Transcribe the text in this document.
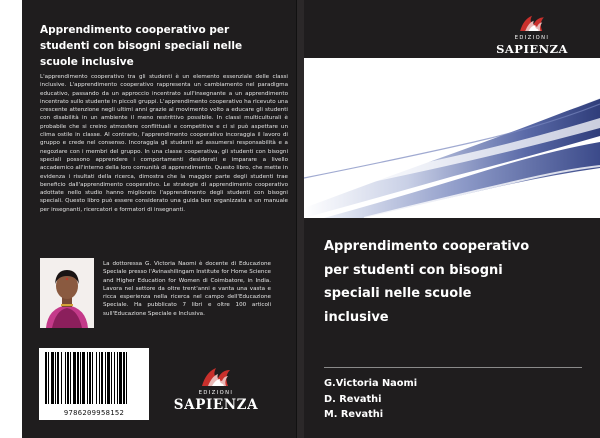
Apprendimento cooperativo per studenti con bisogni speciali nelle scuole inclusive
L'apprendimento cooperativo tra gli studenti è un elemento essenziale delle classi inclusive. L'apprendimento cooperativo rappresenta un cambiamento nel paradigma educativo, passando da un approccio incentrato sull'insegnante a un apprendimento incentrato sullo studente in piccoli gruppi. L'apprendimento cooperativo ha ricevuto una crescente attenzione negli ultimi anni grazie al movimento volto a educare gli studenti con disabilità in un ambiente il meno restrittivo possibile. In classi multiculturali è probabile che si creino atmosfere conflittuali e competitive e ci si può aspettare un clima ostile in classe. Al contrario, l'apprendimento cooperativo incoraggia il lavoro di gruppo e crede nel consenso. Incoraggia gli studenti ad assumersi responsabilità e a negoziare con i membri del gruppo. In una classe cooperativa, gli studenti con bisogni speciali possono apprendere i comportamenti desiderati e imparare a livello accademico all'interno della loro comunità di apprendimento. Questo libro, che mette in evidenza i risultati della ricerca, dimostra che la maggior parte degli studenti trae beneficio dall'apprendimento cooperativo. Le strategie di apprendimento cooperativo adottate nello studio hanno migliorato l'apprendimento degli studenti con bisogni speciali. Questo libro può essere considerato una guida ben organizzata e un manuale per insegnanti, ricercatori e formatori di insegnanti.
La dottoressa G. Victoria Naomi è docente di Educazione Speciale presso l'Avinashilingam Institute for Home Science and Higher Education for Women di Coimbatore, in India. Lavora nel settore da oltre trent'anni e vanta una vasta e ricca esperienza nella ricerca nel campo dell'Educazione Speciale. Ha pubblicato 7 libri e oltre 100 articoli sull'Educazione Speciale e Inclusiva.
9786209958152
EDIZIONI
SAPIENZA
EDIZIONI
SAPIENZA
Apprendimento cooperativo
per studenti con bisogni
speciali nelle scuole
inclusive
G.Victoria Naomi
D. Revathi
M. Revathi
